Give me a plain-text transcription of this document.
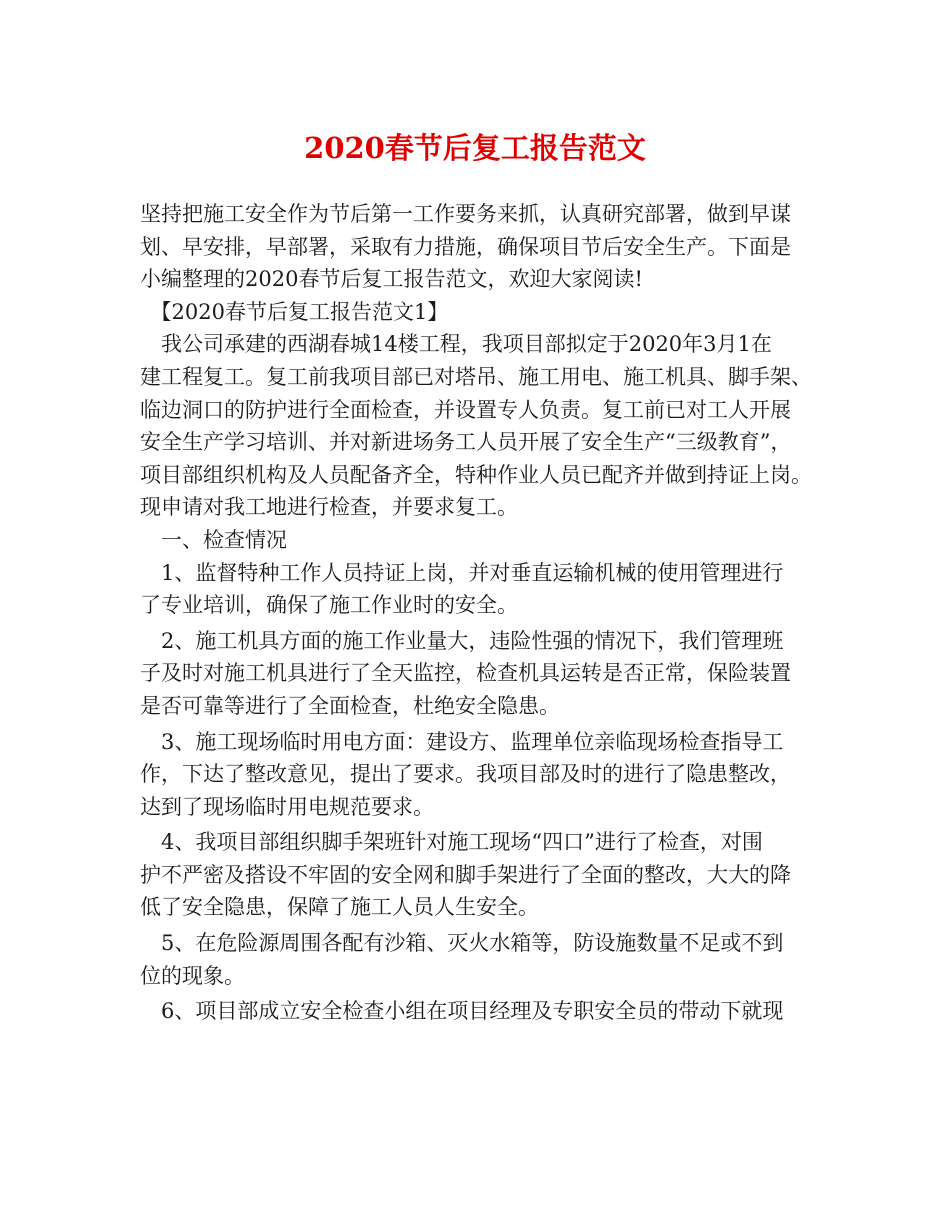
2020春节后复工报告范文
坚持把施工安全作为节后第一工作要务来抓，认真研究部署，做到早谋
划、早安排，早部署，采取有力措施，确保项目节后安全生产。下面是
小编整理的2020春节后复工报告范文，欢迎大家阅读!
　【2020春节后复工报告范文1】
　我公司承建的西湖春城14楼工程，我项目部拟定于2020年3月1在
建工程复工。复工前我项目部已对塔吊、施工用电、施工机具、脚手架、
临边洞口的防护进行全面检查，并设置专人负责。复工前已对工人开展
安全生产学习培训、并对新进场务工人员开展了安全生产“三级教育”，
项目部组织机构及人员配备齐全，特种作业人员已配齐并做到持证上岗。
现申请对我工地进行检查，并要求复工。
　一、检查情况
　1、监督特种工作人员持证上岗，并对垂直运输机械的使用管理进行
了专业培训，确保了施工作业时的安全。
　2、施工机具方面的施工作业量大，违险性强的情况下，我们管理班
子及时对施工机具进行了全天监控，检查机具运转是否正常，保险装置
是否可靠等进行了全面检查，杜绝安全隐患。
　3、施工现场临时用电方面：建设方、监理单位亲临现场检查指导工
作，下达了整改意见，提出了要求。我项目部及时的进行了隐患整改，
达到了现场临时用电规范要求。
　4、我项目部组织脚手架班针对施工现场“四口”进行了检查，对围
护不严密及搭设不牢固的安全网和脚手架进行了全面的整改，大大的降
低了安全隐患，保障了施工人员人生安全。
　5、在危险源周围各配有沙箱、灭火水箱等，防设施数量不足或不到
位的现象。
　6、项目部成立安全检查小组在项目经理及专职安全员的带动下就现
